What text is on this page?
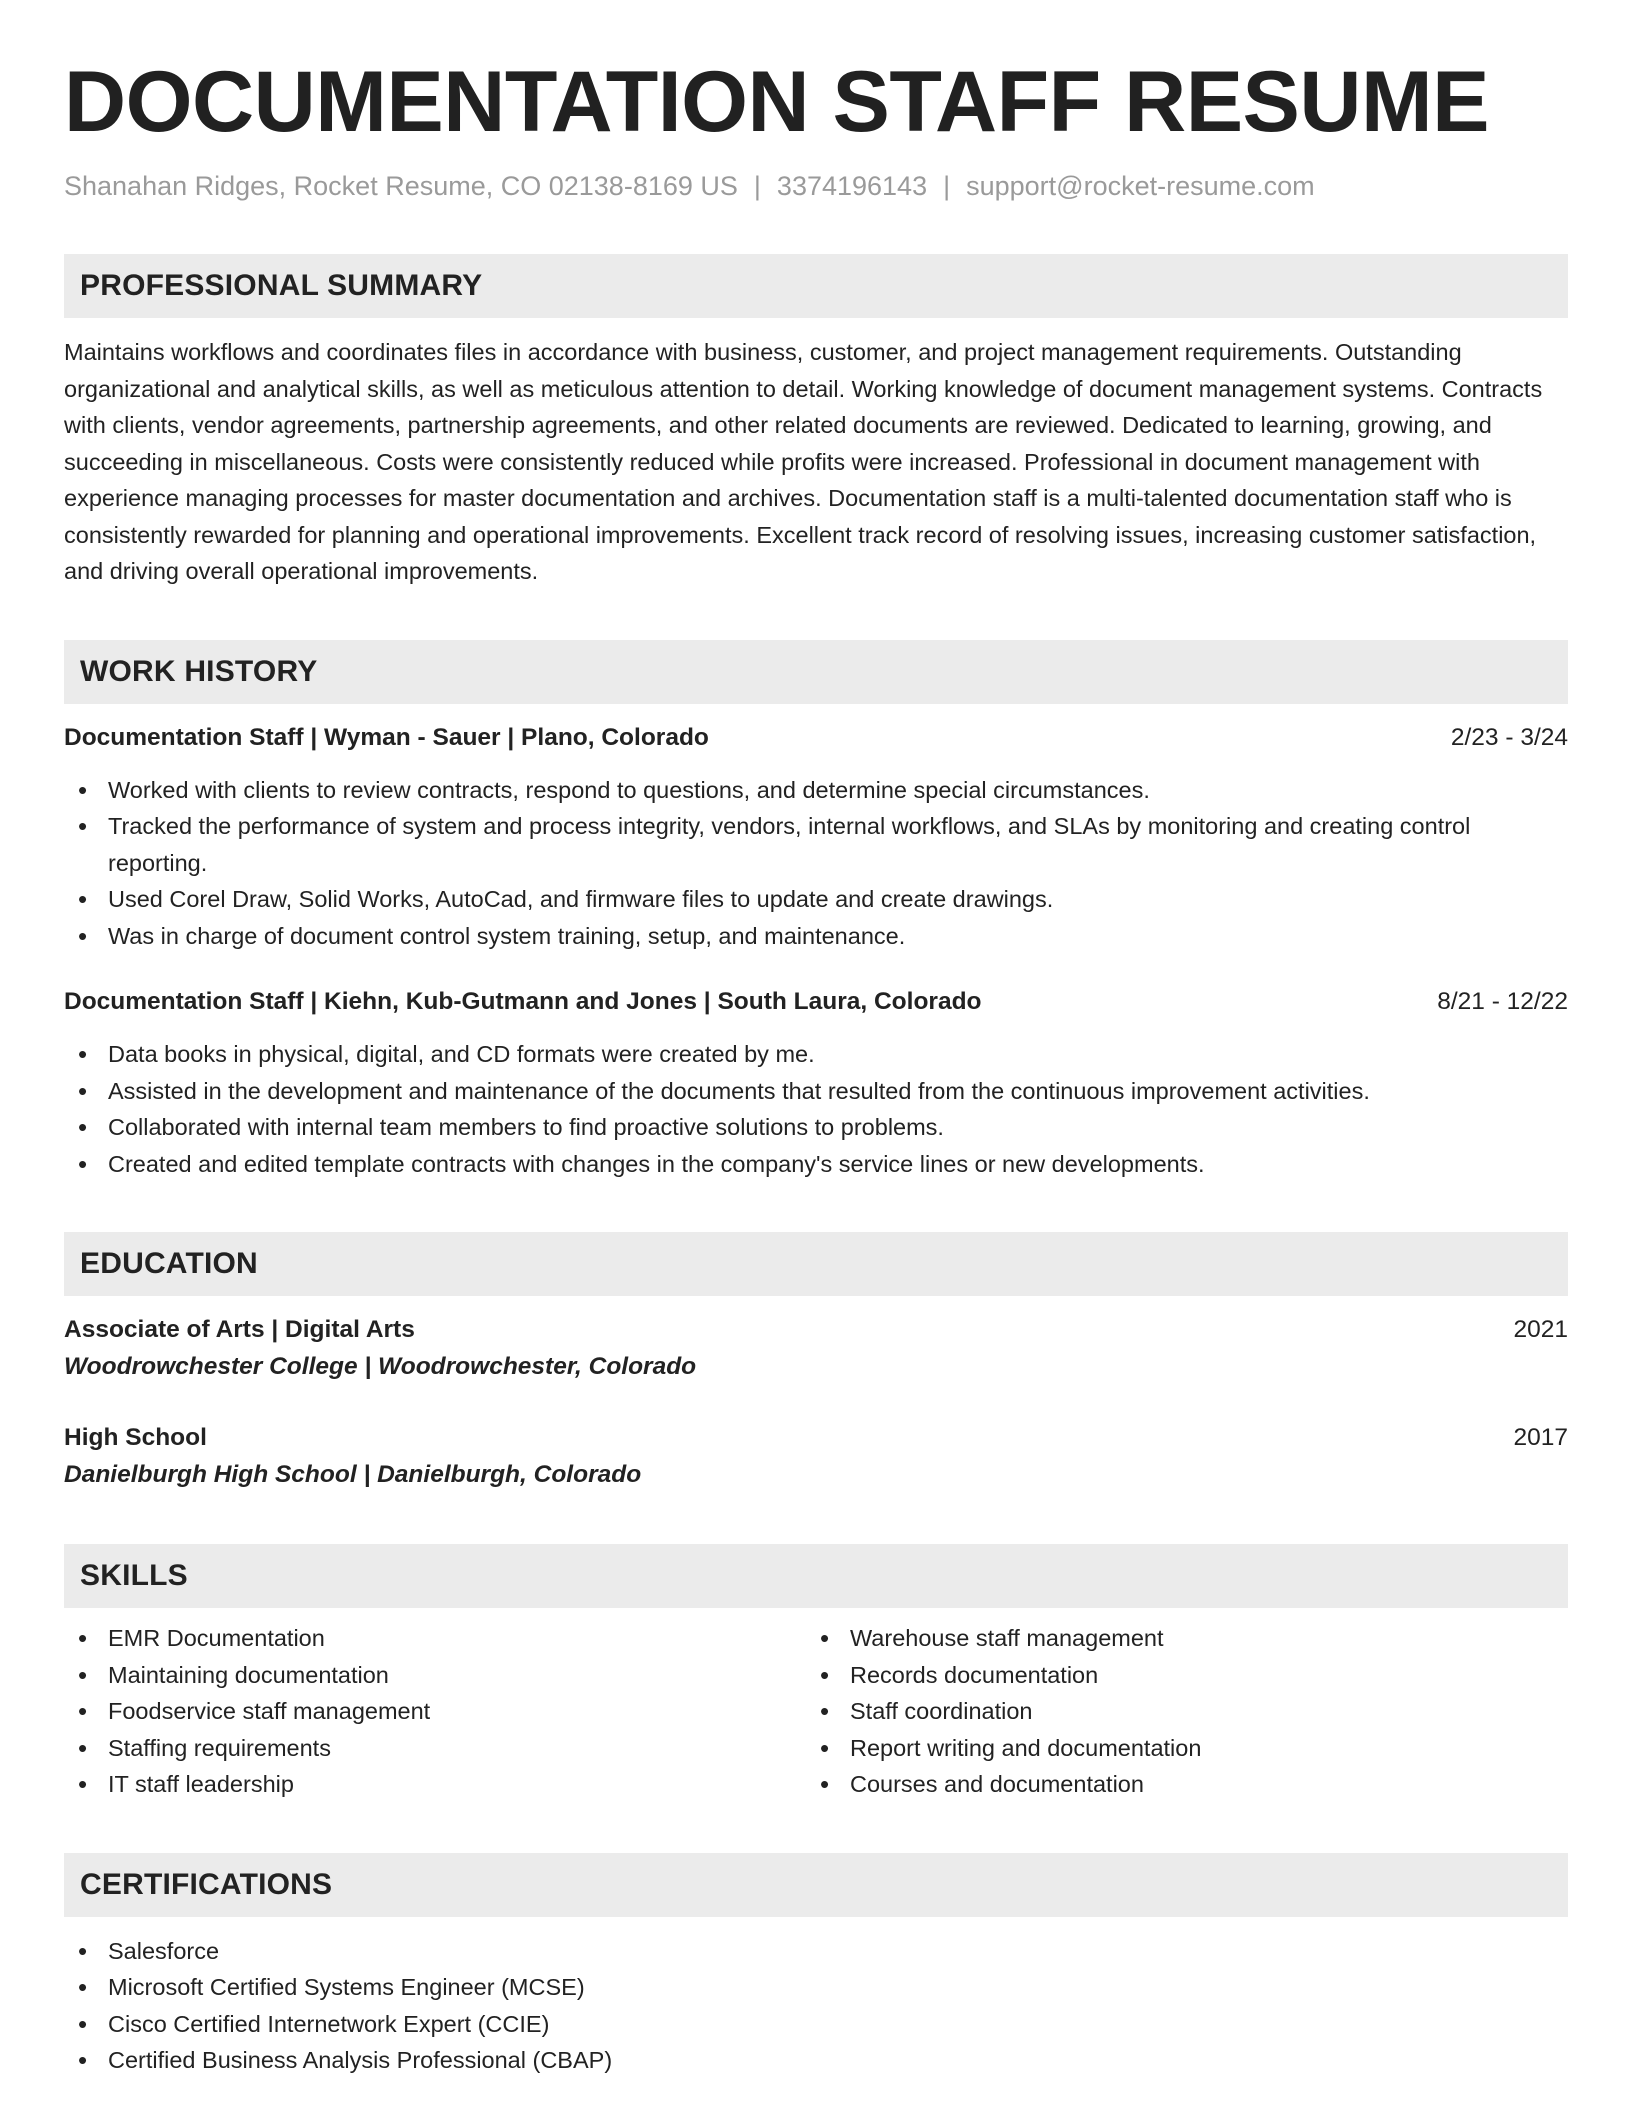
DOCUMENTATION STAFF RESUME
Shanahan Ridges, Rocket Resume, CO 02138-8169 US | 3374196143 | support@rocket-resume.com
PROFESSIONAL SUMMARY

Maintains workflows and coordinates files in accordance with business, customer, and project management requirements. Outstanding organizational and analytical skills, as well as meticulous attention to detail. Working knowledge of document management systems. Contracts with clients, vendor agreements, partnership agreements, and other related documents are reviewed. Dedicated to learning, growing, and succeeding in miscellaneous. Costs were consistently reduced while profits were increased. Professional in document management with experience managing processes for master documentation and archives. Documentation staff is a multi-talented documentation staff who is consistently rewarded for planning and operational improvements. Excellent track record of resolving issues, increasing customer satisfaction, and driving overall operational improvements.

WORK HISTORY
Documentation Staff | Wyman - Sauer | Plano, Colorado	2/23 - 3/24
• Worked with clients to review contracts, respond to questions, and determine special circumstances.
• Tracked the performance of system and process integrity, vendors, internal workflows, and SLAs by monitoring and creating control reporting.
• Used Corel Draw, Solid Works, AutoCad, and firmware files to update and create drawings.
• Was in charge of document control system training, setup, and maintenance.
Documentation Staff | Kiehn, Kub-Gutmann and Jones | South Laura, Colorado	8/21 - 12/22
• Data books in physical, digital, and CD formats were created by me.
• Assisted in the development and maintenance of the documents that resulted from the continuous improvement activities.
• Collaborated with internal team members to find proactive solutions to problems.
• Created and edited template contracts with changes in the company's service lines or new developments.
EDUCATION
Associate of Arts | Digital Arts	2021
Woodrowchester College | Woodrowchester, Colorado
High School	2017
Danielburgh High School | Danielburgh, Colorado
SKILLS
• EMR Documentation
• Maintaining documentation
• Foodservice staff management
• Staffing requirements
• IT staff leadership
• Warehouse staff management
• Records documentation
• Staff coordination
• Report writing and documentation
• Courses and documentation
CERTIFICATIONS
• Salesforce
• Microsoft Certified Systems Engineer (MCSE)
• Cisco Certified Internetwork Expert (CCIE)
• Certified Business Analysis Professional (CBAP)
